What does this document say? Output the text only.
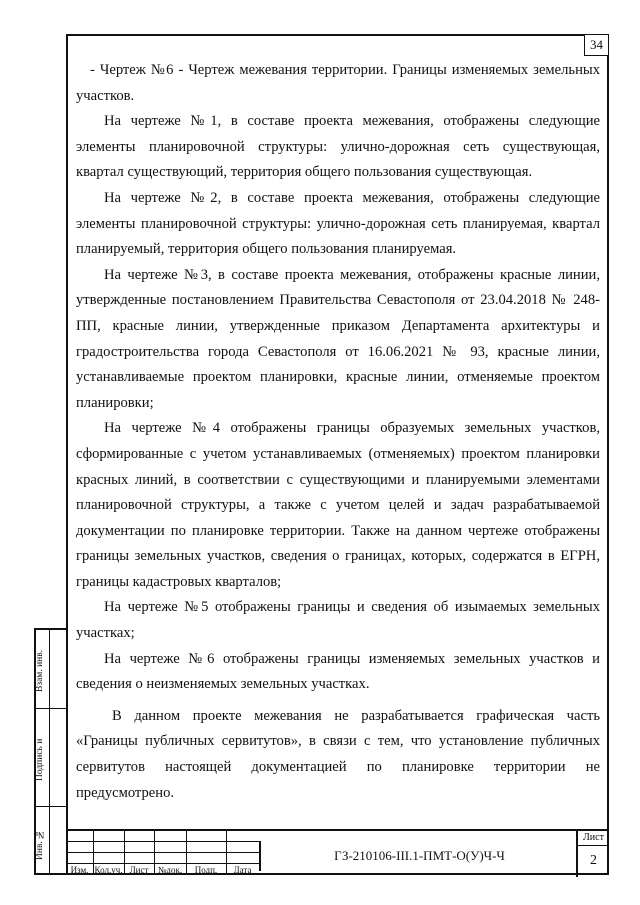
34

- Чертеж №6 - Чертеж межевания территории. Границы изменяемых земельных участков.

На чертеже №1, в составе проекта межевания, отображены следующие элементы планировочной структуры: улично-дорожная сеть существующая, квартал существующий, территория общего пользования существующая.

На чертеже №2, в составе проекта межевания, отображены следующие элементы планировочной структуры: улично-дорожная сеть планируемая, квартал планируемый, территория общего пользования планируемая.

На чертеже №3, в составе проекта межевания, отображены красные линии, утвержденные постановлением Правительства Севастополя от 23.04.2018 № 248-ПП, красные линии, утвержденные приказом Департамента архитектуры и градостроительства города Севастополя от 16.06.2021 № 93, красные линии, устанавливаемые проектом планировки, красные линии, отменяемые проектом планировки;

На чертеже №4 отображены границы образуемых земельных участков, сформированные с учетом устанавливаемых (отменяемых) проектом планировки красных линий, в соответствии с существующими и планируемыми элементами планировочной структуры, а также с учетом целей и задач разрабатываемой документации по планировке территории. Также на данном чертеже отображены границы земельных участков, сведения о границах, которых, содержатся в ЕГРН, границы кадастровых кварталов;

На чертеже №5 отображены границы и сведения об изымаемых земельных участках;

На чертеже №6 отображены границы изменяемых земельных участков и сведения о неизменяемых земельных участках.

В данном проекте межевания не разрабатывается графическая часть «Границы публичных сервитутов», в связи с тем, что установление публичных сервитутов настоящей документацией по планировке территории не предусмотрено.

Взам. инв.
Подпись и
Инв. №
Изм. Кол.уч. Лист	№док.	Подп.	Дата
ГЗ-210106-III.1-ПМТ-О(У)Ч-Ч
Лист
2
